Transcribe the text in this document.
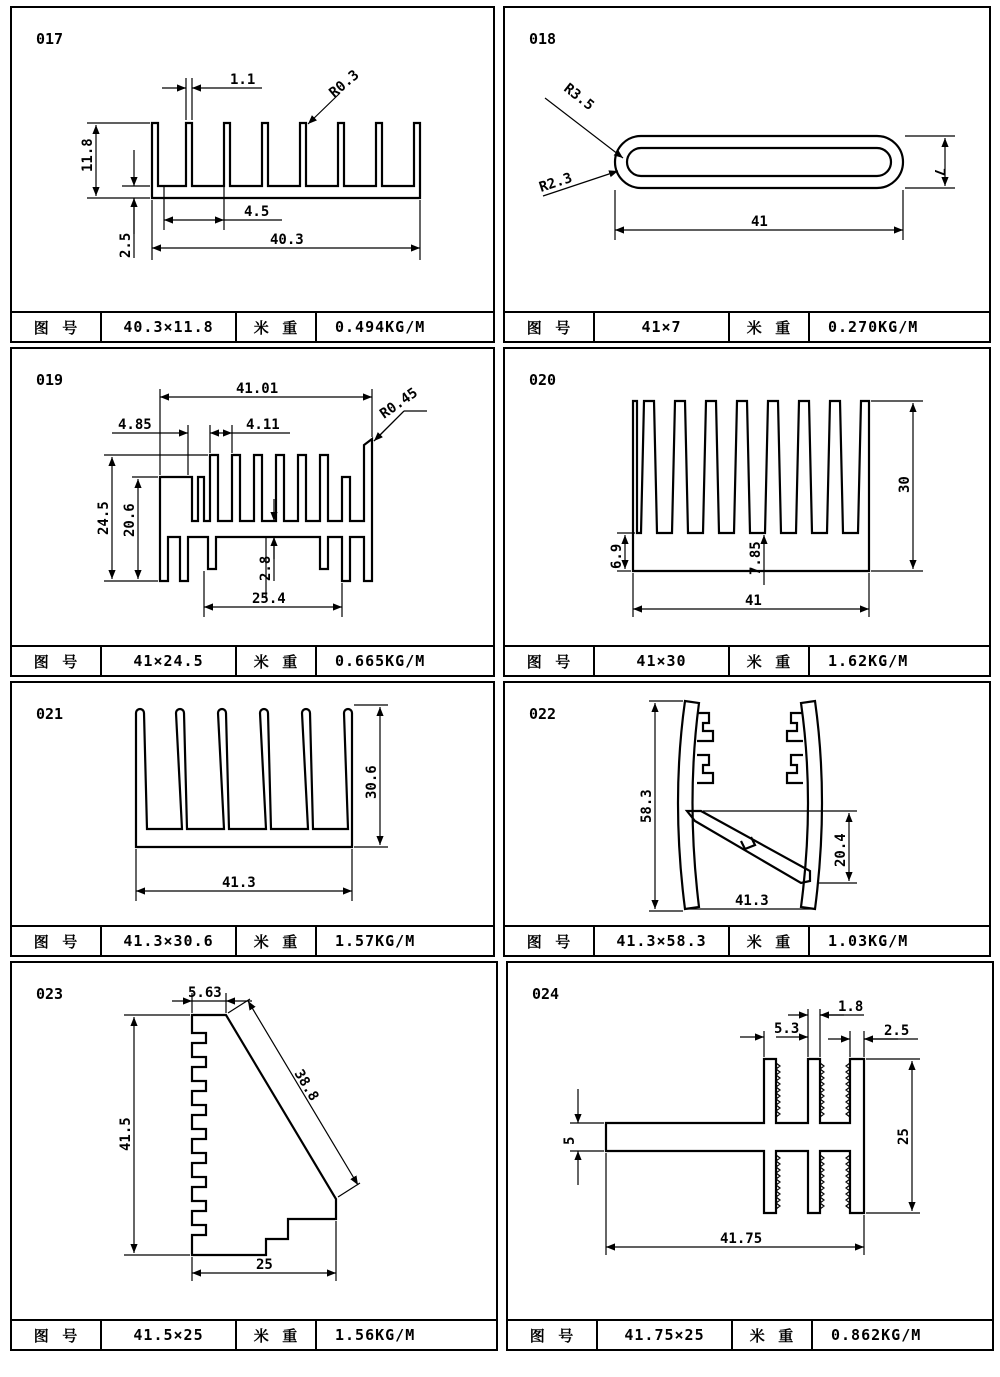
017
1.1	R0.3
11.8
4.5
2.5	40.3
图  号	40.3×11.8	米  重	0.494KG/M
018
R3.5
R2.3	7
41
图  号	41×7	米  重	0.270KG/M
019	41.01
4.85	4.11
R0.45
24.5 20.6
2.8
25.4
图  号	41×24.5	米  重	0.665KG/M
020
30
6.9	7.85
41
图  号	41×30	米  重	1.62KG/M
021
30.6
41.3
图  号	41.3×30.6	米  重	1.57KG/M
022
58.3
20.4
41.3
图  号	41.3×58.3	米  重	1.03KG/M
023	5.63
41.5
38.8
25
图  号	41.5×25	米  重	1.56KG/M
024
1.8
5.3	2.5
5	25
41.75
图  号	41.75×25	米  重	0.862KG/M
